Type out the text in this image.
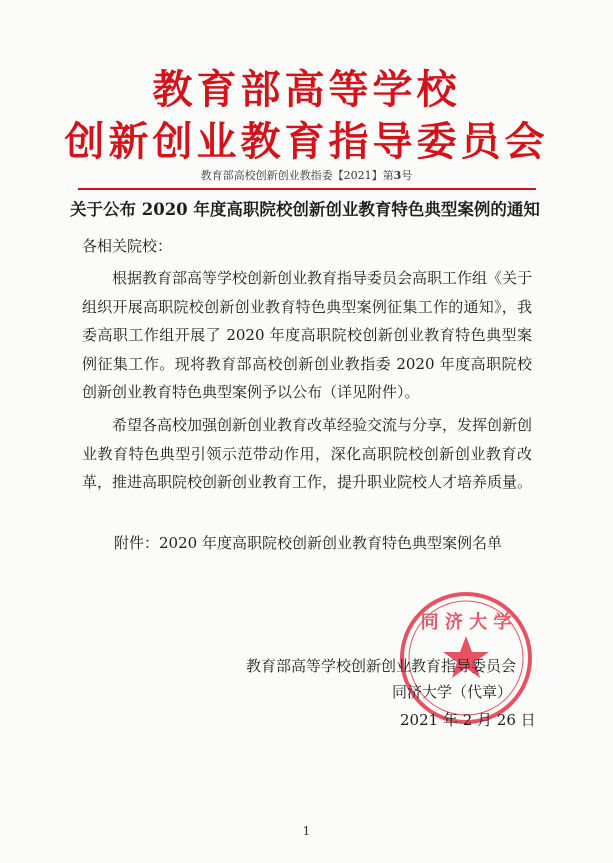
教育部高等学校
创新创业教育指导委员会
教育部高校创新创业教指委【2021】第3号
关于公布 2020 年度高职院校创新创业教育特色典型案例的通知
各相关院校：
根据教育部高等学校创新创业教育指导委员会高职工作组《关于组织开展高职院校创新创业教育特色典型案例征集工作的通知》，我委高职工作组开展了 2020 年度高职院校创新创业教育特色典型案例征集工作。现将教育部高校创新创业教指委 2020 年度高职院校创新创业教育特色典型案例予以公布（详见附件）。
希望各高校加强创新创业教育改革经验交流与分享，发挥创新创业教育特色典型引领示范带动作用，深化高职院校创新创业教育改革，推进高职院校创新创业教育工作，提升职业院校人才培养质量。
附件：2020 年度高职院校创新创业教育特色典型案例名单
同 济 大 学
教育部高等学校创新创业教育指导委员会
同济大学（代章）
2021 年 2 月 26 日
1
